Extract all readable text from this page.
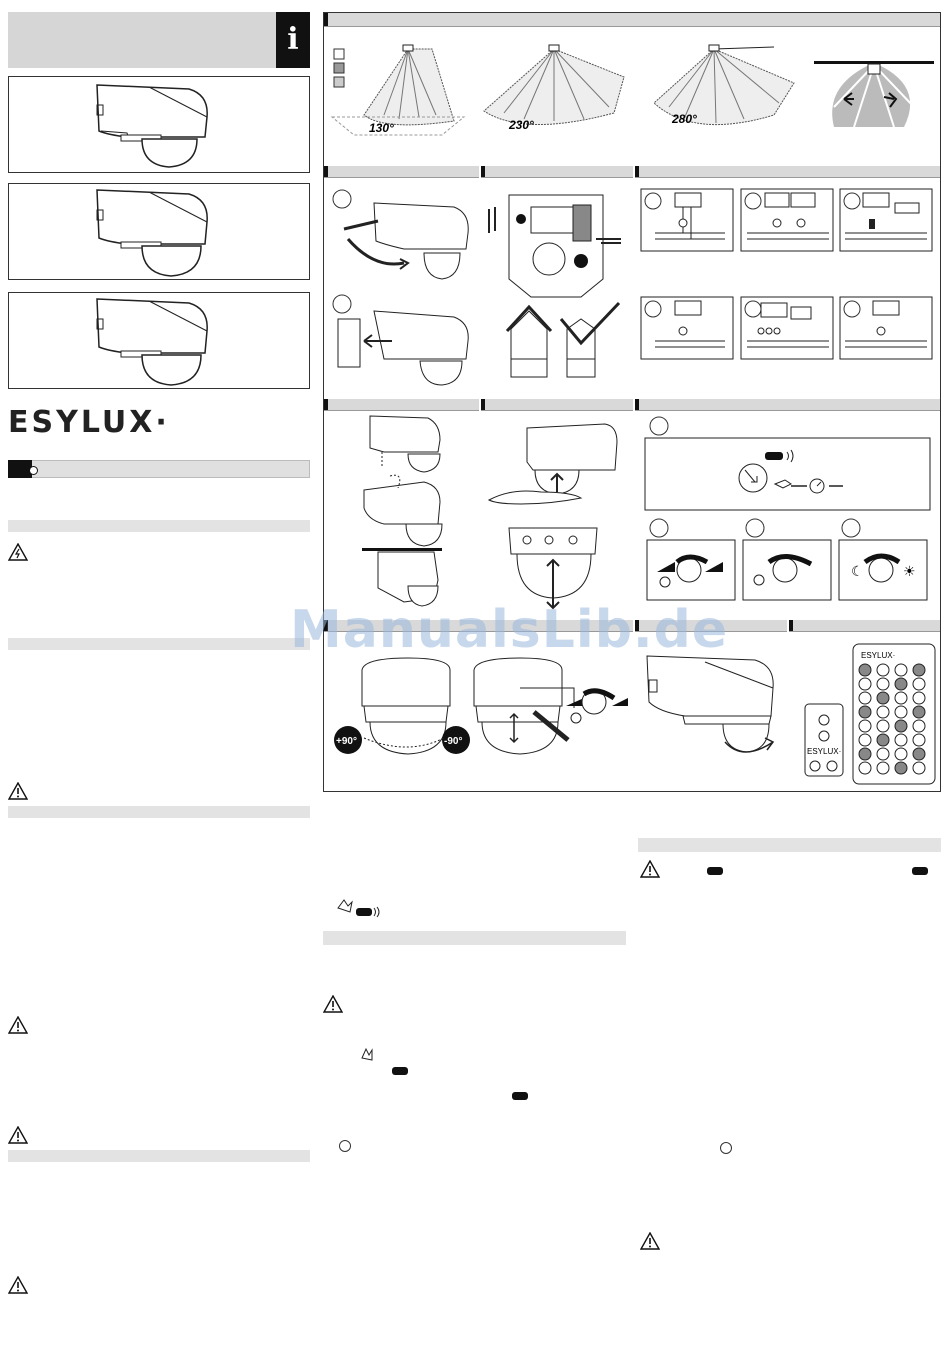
i
ESYLUX·
130°	230°	280°
☾	☀
+90°	-90°
ESYLUX·
ESYLUX·
ManualsLib.de
